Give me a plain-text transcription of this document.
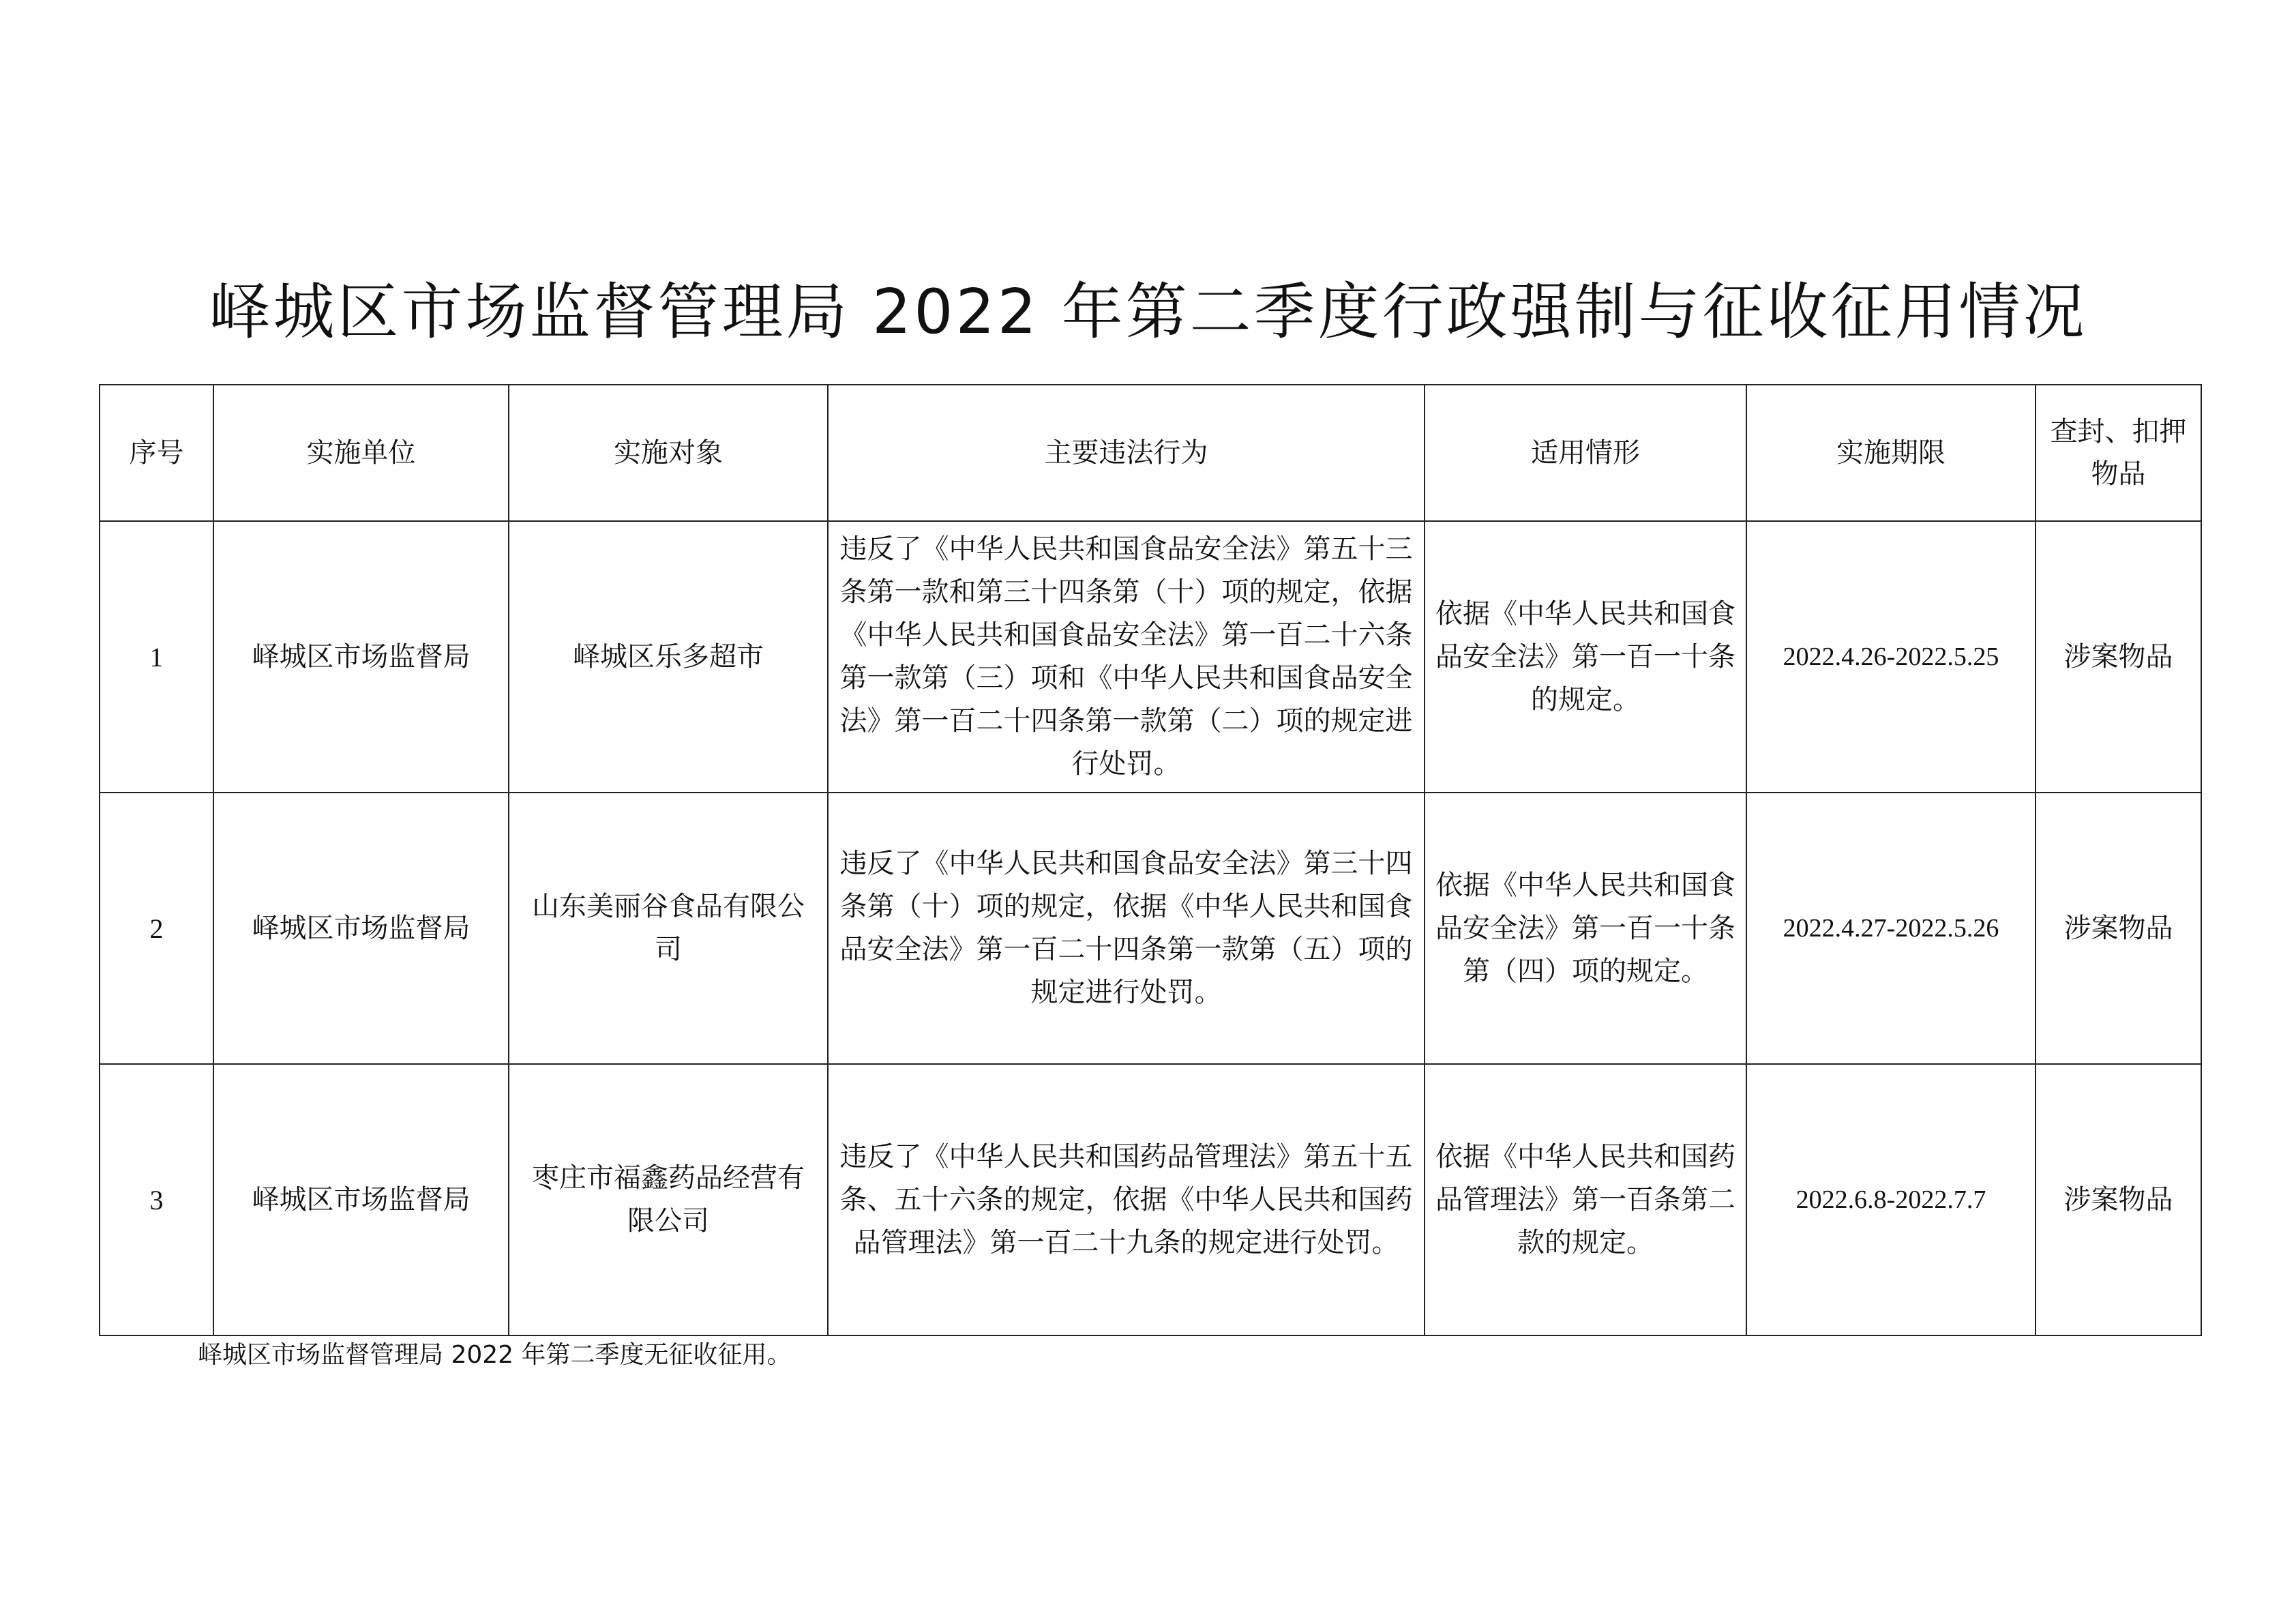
峄城区市场监督管理局 2022 年第二季度行政强制与征收征用情况
序号	实施单位	实施对象	主要违法行为	适用情形	实施期限	查封、扣押物品
1	峄城区市场监督局	峄城区乐多超市	违反了《中华人民共和国食品安全法》第五十三条第一款和第三十四条第（十）项的规定，依据《中华人民共和国食品安全法》第一百二十六条第一款第（三）项和《中华人民共和国食品安全法》第一百二十四条第一款第（二）项的规定进行处罚。	依据《中华人民共和国食品安全法》第一百一十条的规定。	2022.4.26-2022.5.25	涉案物品
2	峄城区市场监督局	山东美丽谷食品有限公司	违反了《中华人民共和国食品安全法》第三十四条第（十）项的规定，依据《中华人民共和国食品安全法》第一百二十四条第一款第（五）项的规定进行处罚。	依据《中华人民共和国食品安全法》第一百一十条第（四）项的规定。	2022.4.27-2022.5.26	涉案物品
3	峄城区市场监督局	枣庄市福鑫药品经营有限公司	违反了《中华人民共和国药品管理法》第五十五条、五十六条的规定，依据《中华人民共和国药品管理法》第一百二十九条的规定进行处罚。	依据《中华人民共和国药品管理法》第一百条第二款的规定。	2022.6.8-2022.7.7	涉案物品
峄城区市场监督管理局 2022 年第二季度无征收征用。
